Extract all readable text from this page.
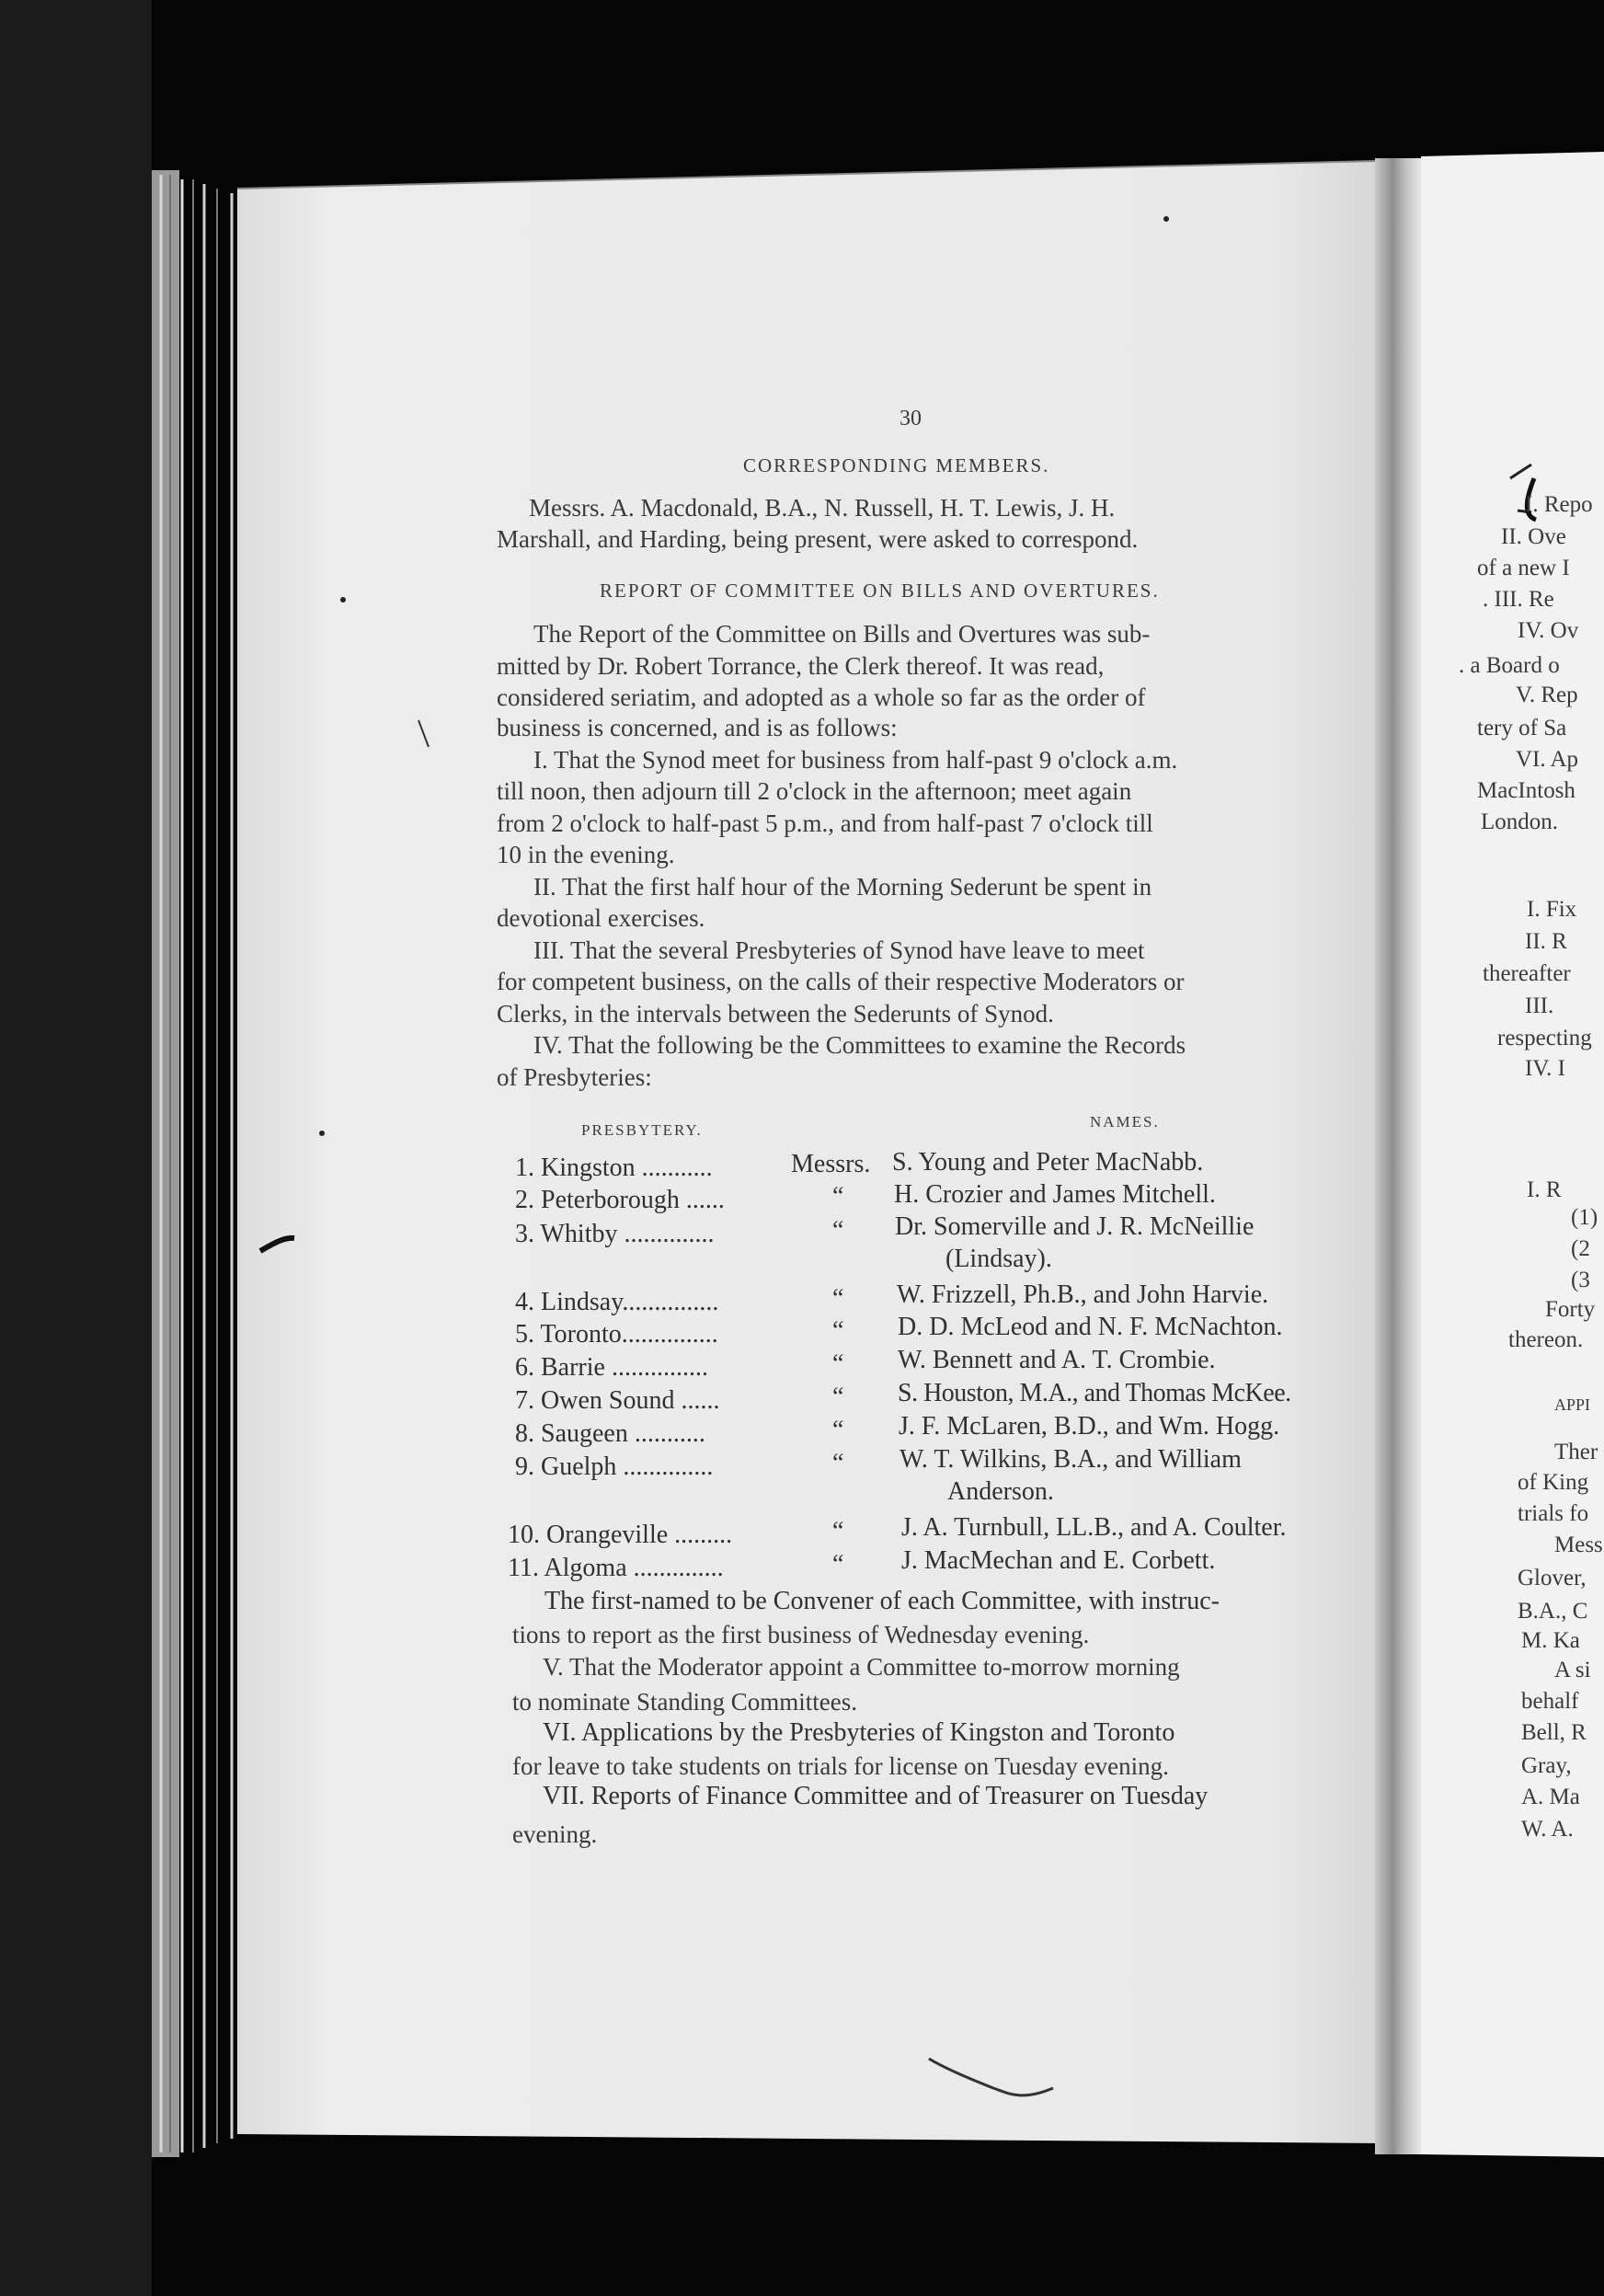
30
CORRESPONDING MEMBERS.
Messrs. A. Macdonald, B.A., N. Russell, H. T. Lewis, J. H.
Marshall, and Harding, being present, were asked to correspond.
REPORT OF COMMITTEE ON BILLS AND OVERTURES.
The Report of the Committee on Bills and Overtures was sub-
mitted by Dr. Robert Torrance, the Clerk thereof. It was read,
considered seriatim, and adopted as a whole so far as the order of
business is concerned, and is as follows:
I. That the Synod meet for business from half-past 9 o'clock a.m.
till noon, then adjourn till 2 o'clock in the afternoon; meet again
from 2 o'clock to half-past 5 p.m., and from half-past 7 o'clock till
10 in the evening.
II. That the first half hour of the Morning Sederunt be spent in
devotional exercises.
III. That the several Presbyteries of Synod have leave to meet
for competent business, on the calls of their respective Moderators or
Clerks, in the intervals between the Sederunts of Synod.
IV. That the following be the Committees to examine the Records
of Presbyteries:
PRESBYTERY.	NAMES.
1. Kingston ...........	Messrs. S. Young and Peter MacNabb.
2. Peterborough ......	“ H. Crozier and James Mitchell.
3. Whitby ..............	“ Dr. Somerville and J. R. McNeillie
(Lindsay).
4. Lindsay...............	“ W. Frizzell, Ph.B., and John Harvie.
5. Toronto...............	“ D. D. McLeod and N. F. McNachton.
6. Barrie ...............	“ W. Bennett and A. T. Crombie.
7. Owen Sound ......	“ S. Houston, M.A., and Thomas McKee.
8. Saugeen ...........	“ J. F. McLaren, B.D., and Wm. Hogg.
9. Guelph ..............	“ W. T. Wilkins, B.A., and William
Anderson.
10. Orangeville .........	“ J. A. Turnbull, LL.B., and A. Coulter.
11. Algoma ..............	“ J. MacMechan and E. Corbett.
The first-named to be Convener of each Committee, with instruc-
tions to report as the first business of Wednesday evening.
V. That the Moderator appoint a Committee to-morrow morning
to nominate Standing Committees.
VI. Applications by the Presbyteries of Kingston and Toronto
for leave to take students on trials for license on Tuesday evening.
VII. Reports of Finance Committee and of Treasurer on Tuesday
evening.
I. Repo
II. Ove
of a new I
. III. Re
IV. Ov
. a Board o
V. Rep
tery of Sa
VI. Ap
MacIntosh
London.
I. Fix
II. R
thereafter
III.
respecting
IV. I
I. R
(1)
(2
(3
Forty
thereon.
APPI
Ther
of King
trials fo
Mess
Glover,
B.A., C
M. Ka
A si
behalf
Bell, R
Gray,
A. Ma
W. A.
